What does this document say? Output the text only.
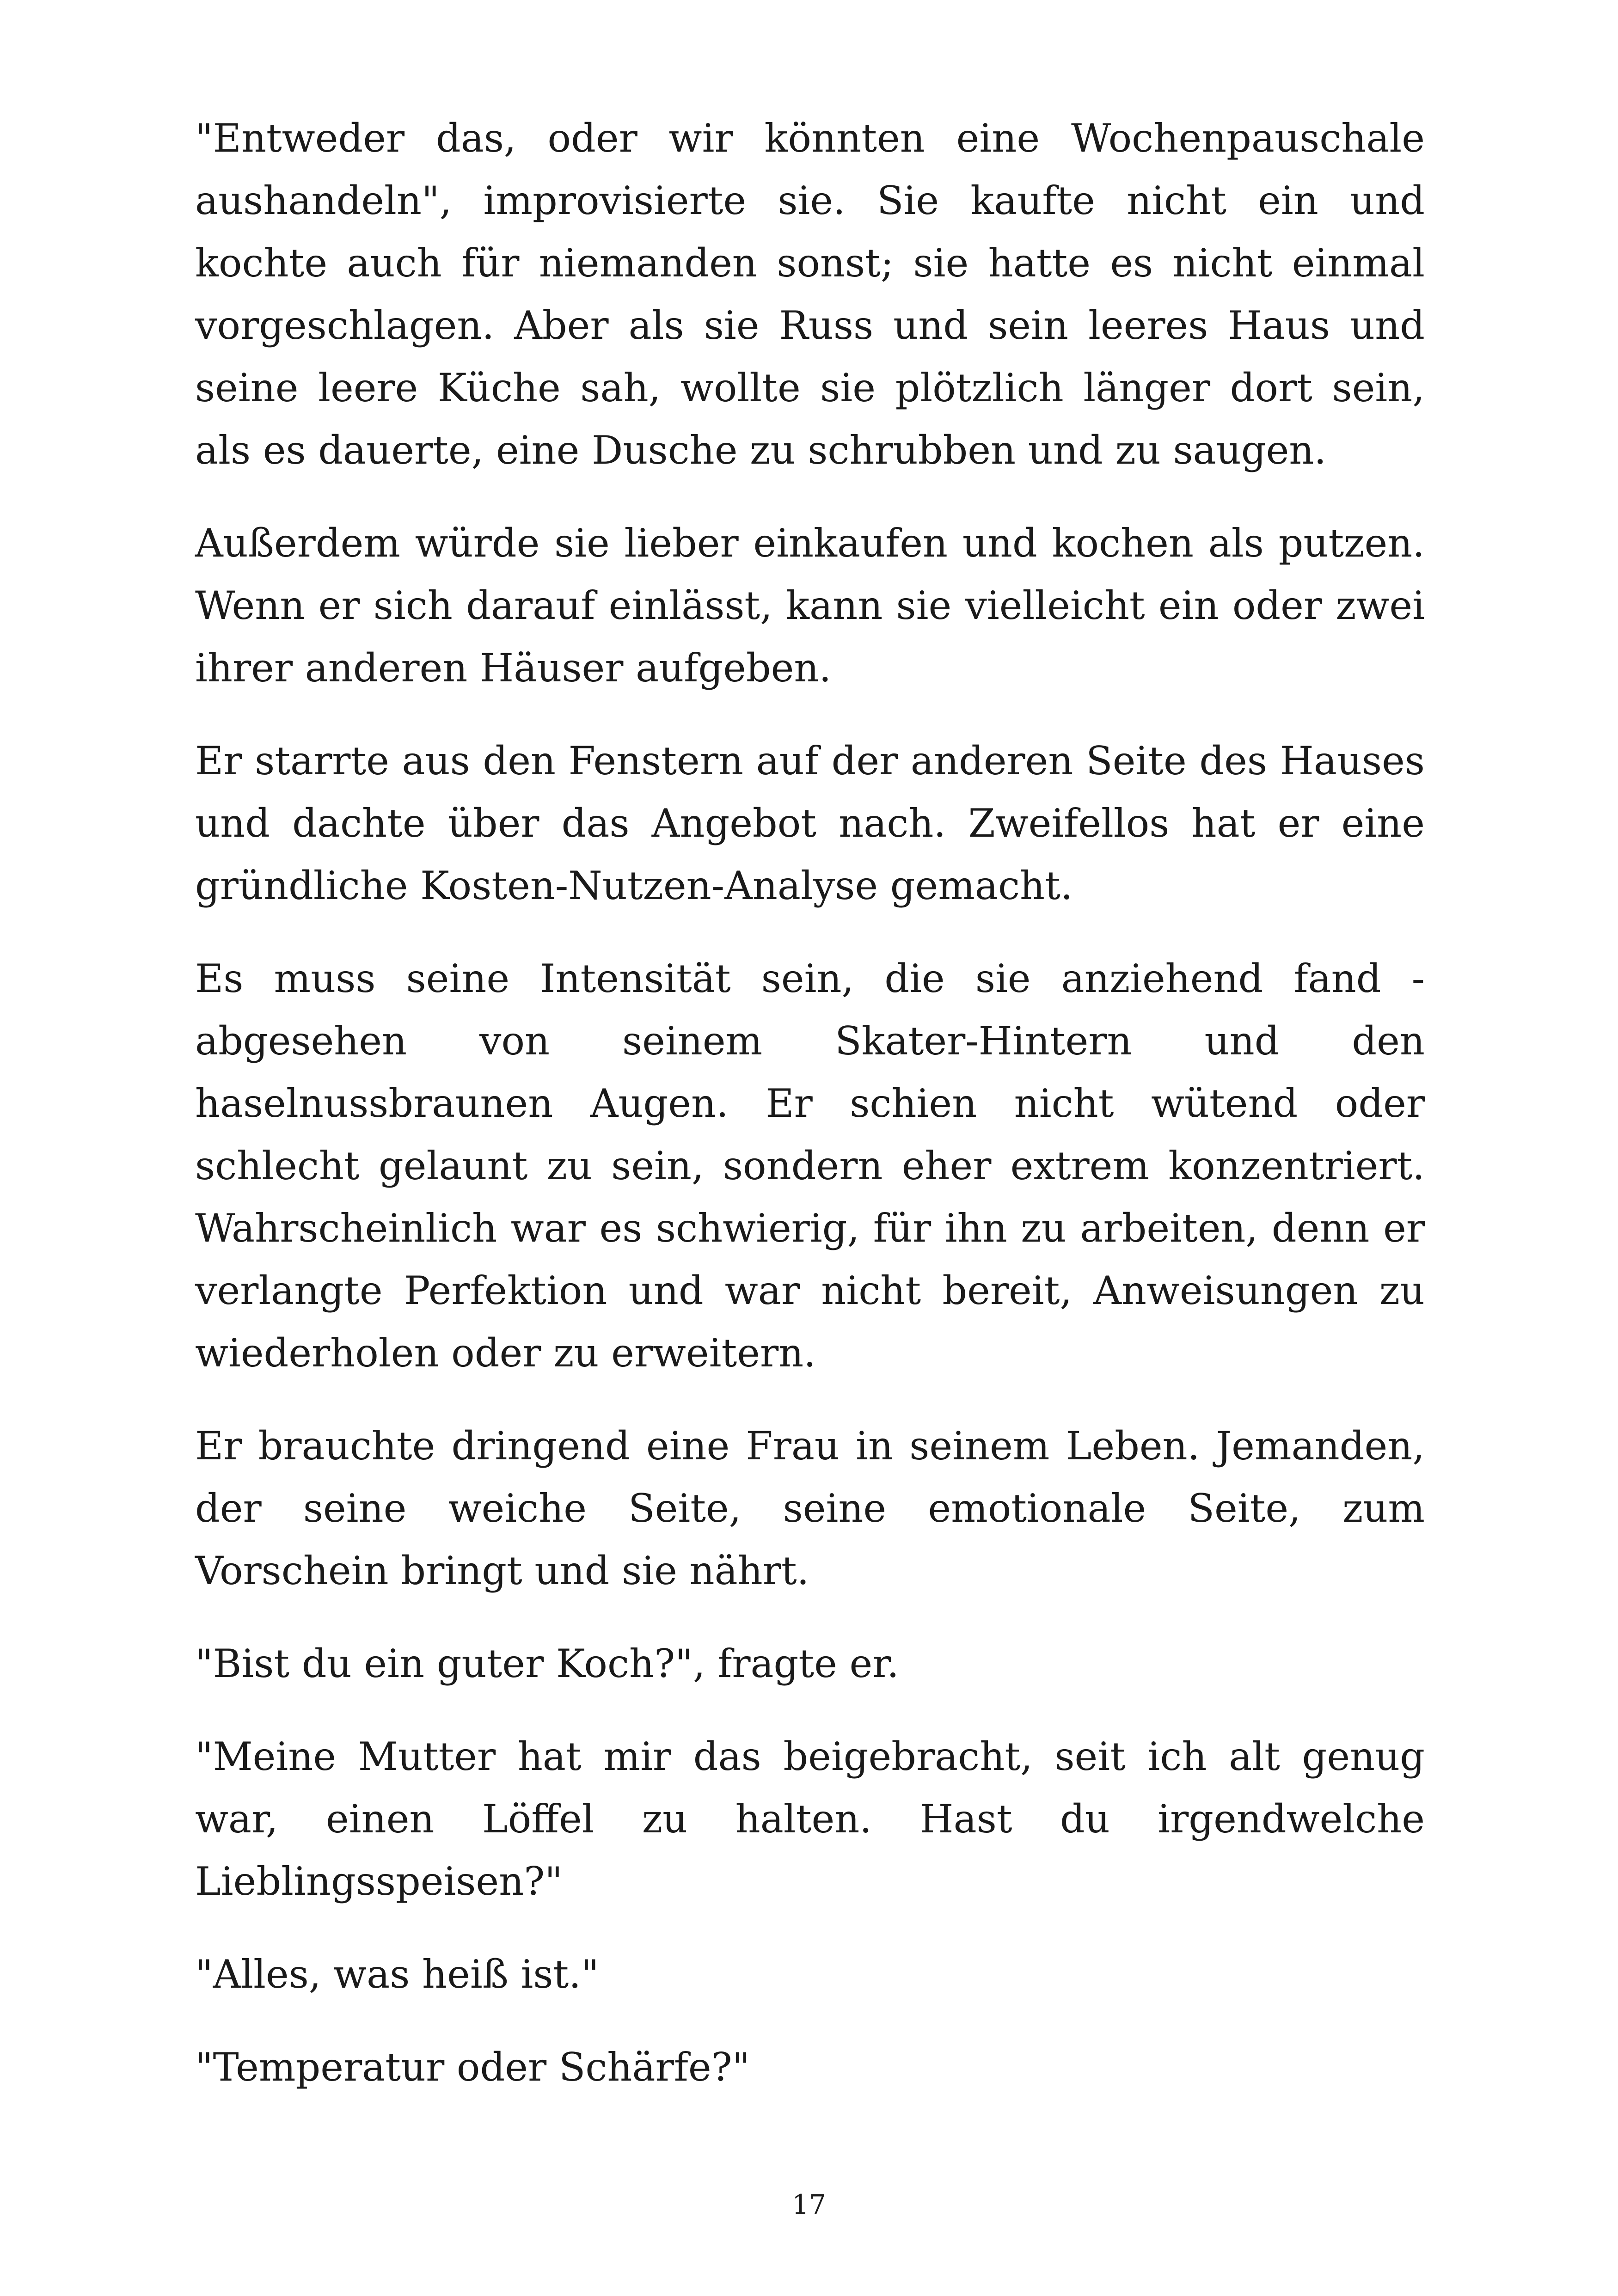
"Entweder das, oder wir könnten eine Wochenpauschale aushandeln", improvisierte sie. Sie kaufte nicht ein und kochte auch für niemanden sonst; sie hatte es nicht einmal vorgeschlagen. Aber als sie Russ und sein leeres Haus und seine leere Küche sah, wollte sie plötzlich länger dort sein, als es dauerte, eine Dusche zu schrubben und zu saugen.

Außerdem würde sie lieber einkaufen und kochen als putzen. Wenn er sich darauf einlässt, kann sie vielleicht ein oder zwei ihrer anderen Häuser aufgeben.

Er starrte aus den Fenstern auf der anderen Seite des Hauses und dachte über das Angebot nach. Zweifellos hat er eine gründliche Kosten-Nutzen-Analyse gemacht.

Es muss seine Intensität sein, die sie anziehend fand - abgesehen von seinem Skater-Hintern und den haselnussbraunen Augen. Er schien nicht wütend oder schlecht gelaunt zu sein, sondern eher extrem konzentriert. Wahrscheinlich war es schwierig, für ihn zu arbeiten, denn er verlangte Perfektion und war nicht bereit, Anweisungen zu wiederholen oder zu erweitern.

Er brauchte dringend eine Frau in seinem Leben. Jemanden, der seine weiche Seite, seine emotionale Seite, zum Vorschein bringt und sie nährt.

"Bist du ein guter Koch?", fragte er.

"Meine Mutter hat mir das beigebracht, seit ich alt genug war, einen Löffel zu halten. Hast du irgendwelche Lieblingsspeisen?"

"Alles, was heiß ist."

"Temperatur oder Schärfe?"

17
